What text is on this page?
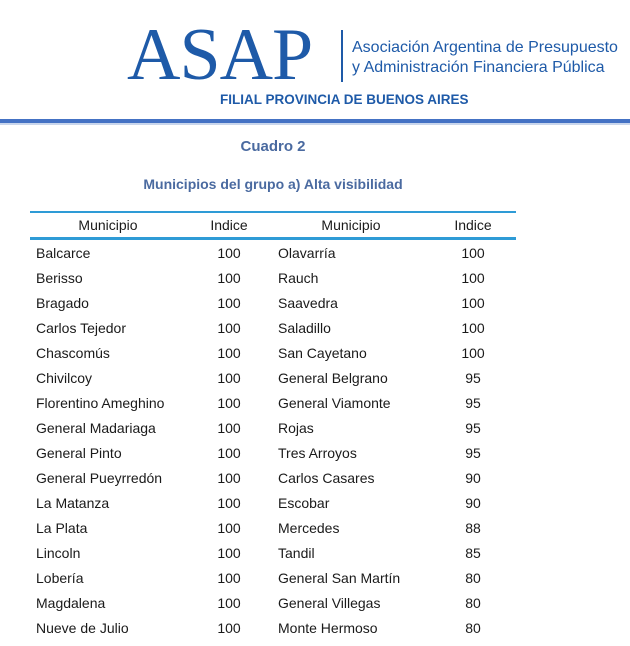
ASAP Asociación Argentina de Presupuesto
y Administración Financiera Pública
FILIAL PROVINCIA DE BUENOS AIRES
Cuadro 2
Municipios del grupo a) Alta visibilidad
Municipio	Indice	Municipio	Indice
Balcarce	100	Olavarría	100
Berisso	100	Rauch	100
Bragado	100	Saavedra	100
Carlos Tejedor	100	Saladillo	100
Chascomús	100	San Cayetano	100
Chivilcoy	100	General Belgrano	95
Florentino Ameghino	100	General Viamonte	95
General Madariaga	100	Rojas	95
General Pinto	100	Tres Arroyos	95
General Pueyrredón	100	Carlos Casares	90
La Matanza	100	Escobar	90
La Plata	100	Mercedes	88
Lincoln	100	Tandil	85
Lobería	100	General San Martín	80
Magdalena	100	General Villegas	80
Nueve de Julio	100	Monte Hermoso	80
